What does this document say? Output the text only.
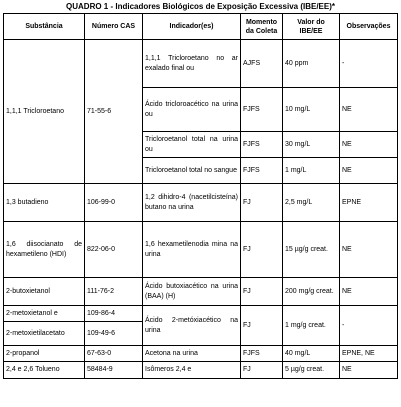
QUADRO 1 - Indicadores Biológicos de Exposição Excessiva (IBE/EE)*
Substância	Número CAS	Indicador(es)	Momento da Coleta	Valor do IBE/EE	Observações
1,1,1 Tricloroetano	71-55-6	1,1,1 Tricloroetano no ar exalado final ou	AJFS	40 ppm	-
		Ácido tricloroacético na urina ou	FJFS	10 mg/L	NE
		Tricloroetanol total na urina ou	FJFS	30 mg/L	NE
		Tricloroetanol total no sangue	FJFS	1 mg/L	NE
1,3 butadieno	106-99-0	1,2 dihidro-4 (nacetilcisteína) butano na urina	FJ	2,5 mg/L	EPNE
1,6 diisocianato de hexametileno (HDI)	822-06-0	1,6 hexametilenodia mina na urina	FJ	15 µg/g creat.	NE
2-butoxietanol	111-76-2	Ácido butoxiacético na urina (BAA) (H)	FJ	200 mg/g creat.	NE
2-metoxietanol e	109-86-4	Ácido 2-metóxiacético na urina	FJ	1 mg/g creat.	-
2-metoxietilacetato	109-49-6				
2-propanol	67-63-0	Acetona na urina	FJFS	40 mg/L	EPNE, NE
2,4 e 2,6 Tolueno	58484-9	Isômeros 2,4 e	FJ	5 µg/g creat.	NE
